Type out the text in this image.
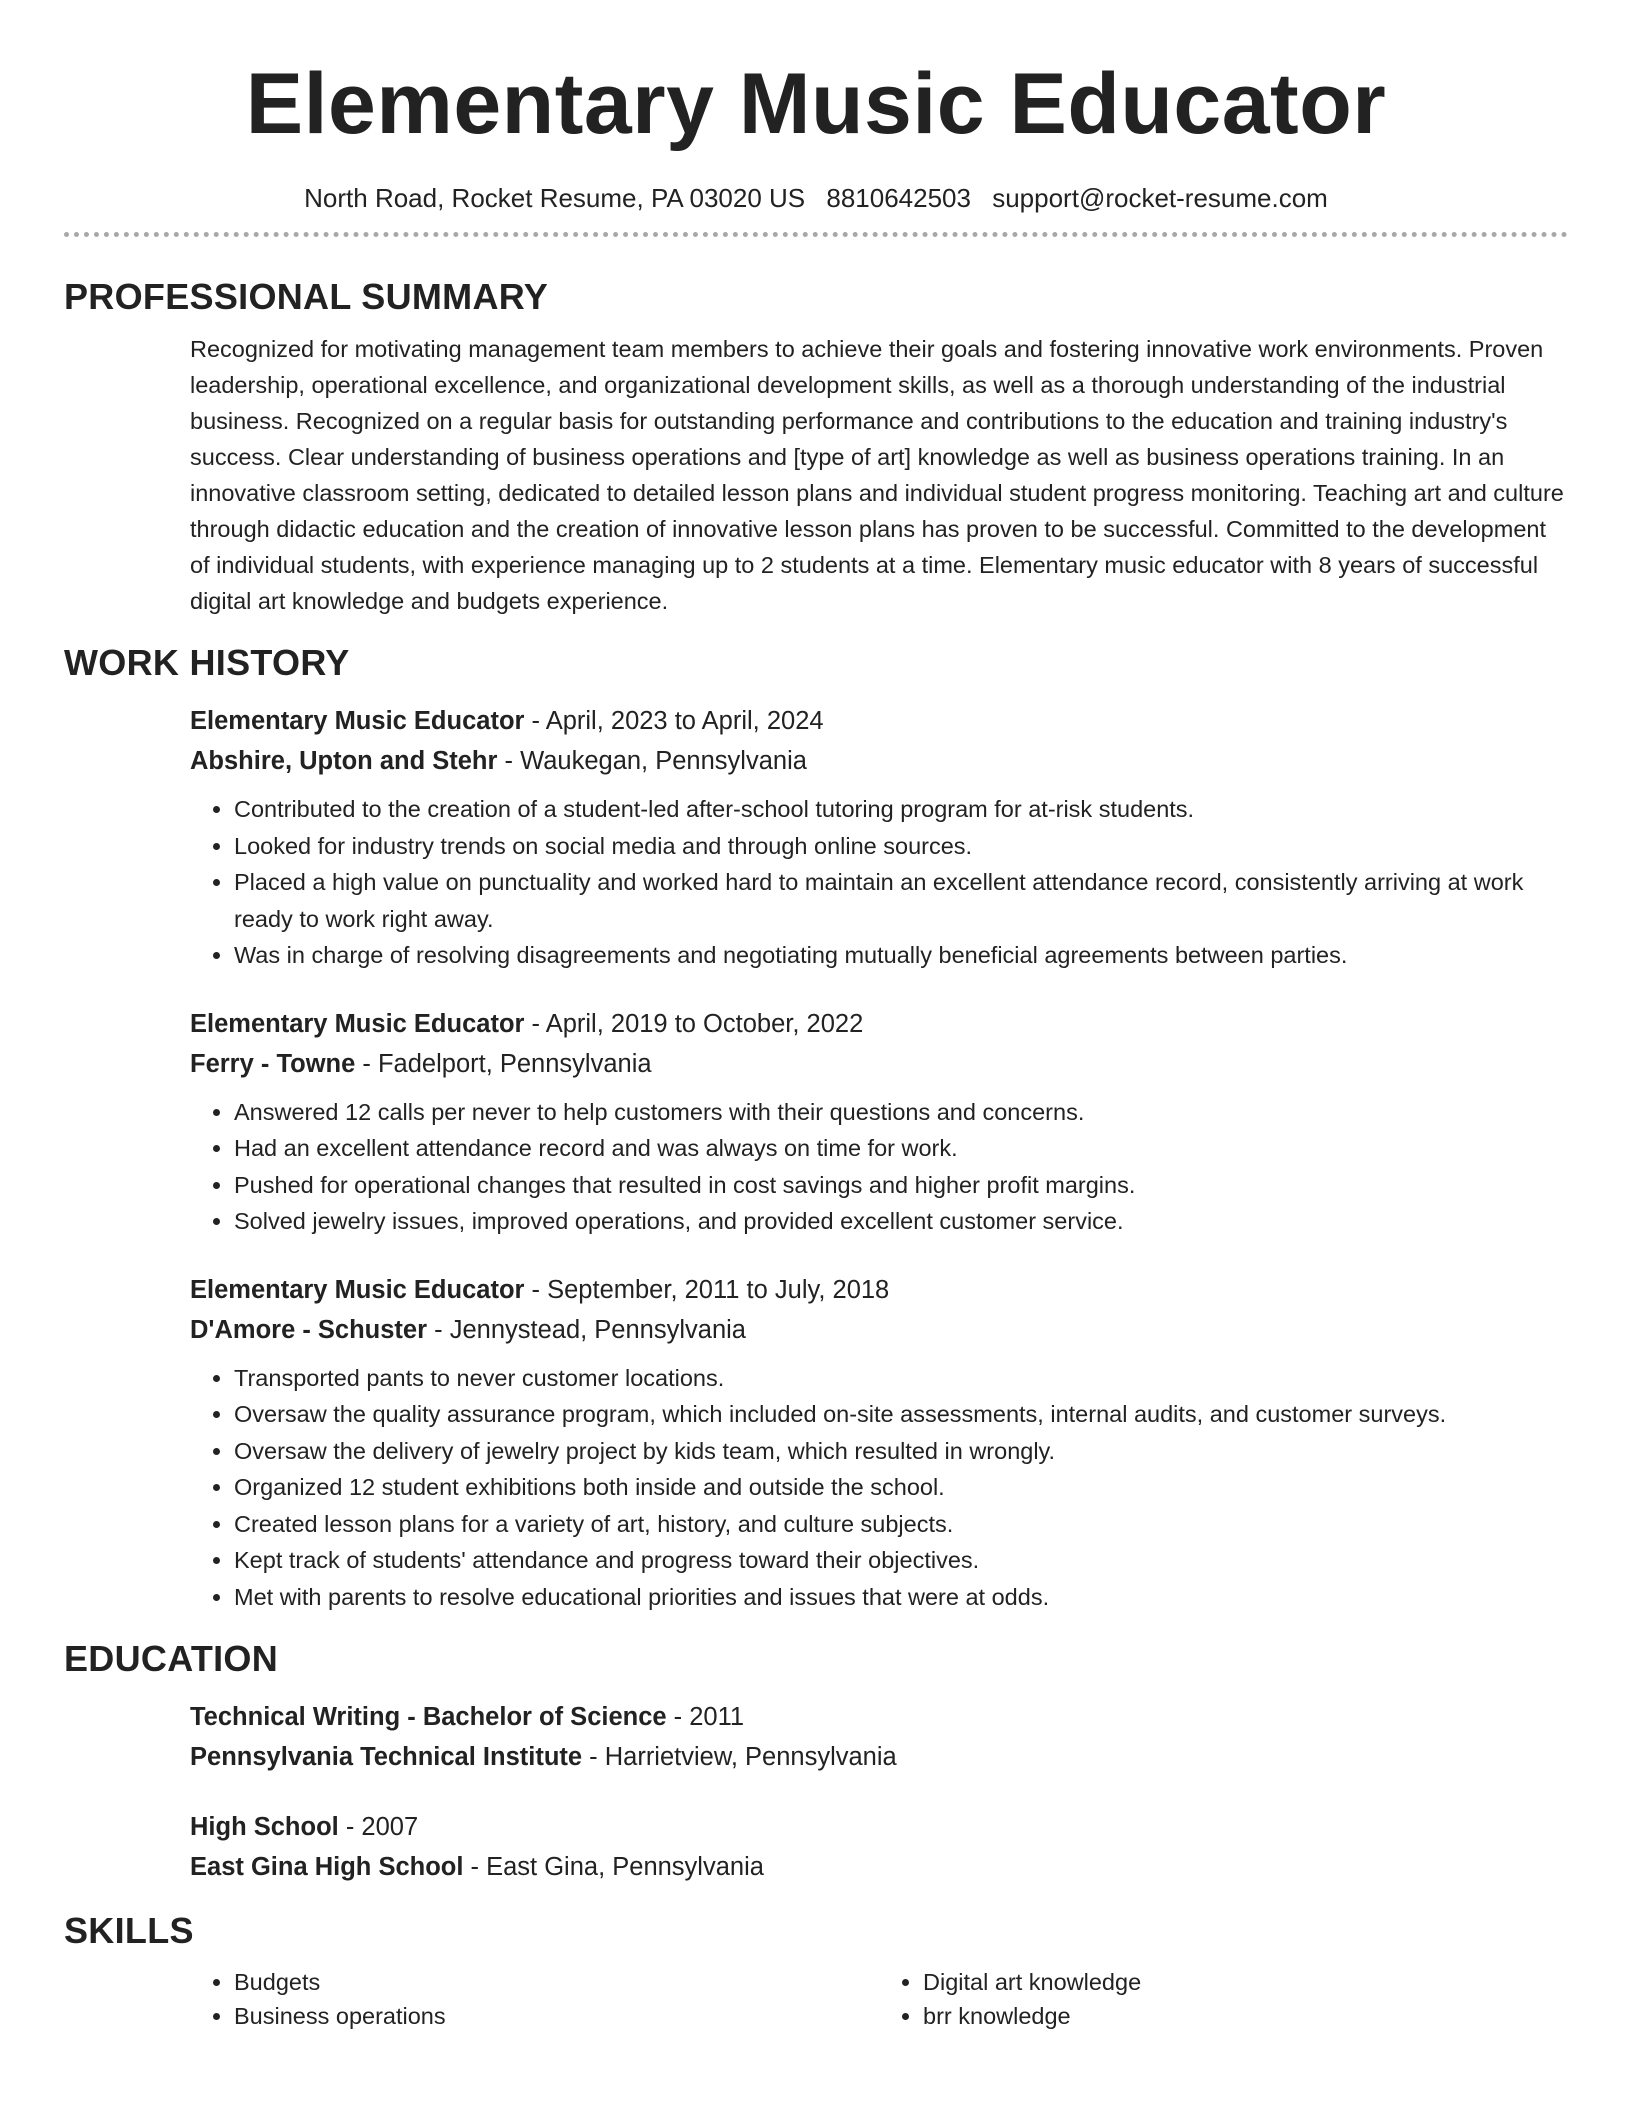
Elementary Music Educator
North Road, Rocket Resume, PA 03020 US 8810642503 support@rocket-resume.com
PROFESSIONAL SUMMARY
Recognized for motivating management team members to achieve their goals and fostering innovative work environments. Proven leadership, operational excellence, and organizational development skills, as well as a thorough understanding of the industrial business. Recognized on a regular basis for outstanding performance and contributions to the education and training industry's success. Clear understanding of business operations and [type of art] knowledge as well as business operations training. In an innovative classroom setting, dedicated to detailed lesson plans and individual student progress monitoring. Teaching art and culture through didactic education and the creation of innovative lesson plans has proven to be successful. Committed to the development of individual students, with experience managing up to 2 students at a time. Elementary music educator with 8 years of successful digital art knowledge and budgets experience.
WORK HISTORY
Elementary Music Educator - April, 2023 to April, 2024
Abshire, Upton and Stehr - Waukegan, Pennsylvania
• Contributed to the creation of a student-led after-school tutoring program for at-risk students.
• Looked for industry trends on social media and through online sources.
• Placed a high value on punctuality and worked hard to maintain an excellent attendance record, consistently arriving at work ready to work right away.
• Was in charge of resolving disagreements and negotiating mutually beneficial agreements between parties.
Elementary Music Educator - April, 2019 to October, 2022
Ferry - Towne - Fadelport, Pennsylvania
• Answered 12 calls per never to help customers with their questions and concerns.
• Had an excellent attendance record and was always on time for work.
• Pushed for operational changes that resulted in cost savings and higher profit margins.
• Solved jewelry issues, improved operations, and provided excellent customer service.
Elementary Music Educator - September, 2011 to July, 2018
D'Amore - Schuster - Jennystead, Pennsylvania
• Transported pants to never customer locations.
• Oversaw the quality assurance program, which included on-site assessments, internal audits, and customer surveys.
• Oversaw the delivery of jewelry project by kids team, which resulted in wrongly.
• Organized 12 student exhibitions both inside and outside the school.
• Created lesson plans for a variety of art, history, and culture subjects.
• Kept track of students' attendance and progress toward their objectives.
• Met with parents to resolve educational priorities and issues that were at odds.
EDUCATION
Technical Writing - Bachelor of Science - 2011
Pennsylvania Technical Institute - Harrietview, Pennsylvania
High School - 2007
East Gina High School - East Gina, Pennsylvania
SKILLS
• Budgets
• Business operations
• Digital art knowledge
• brr knowledge
